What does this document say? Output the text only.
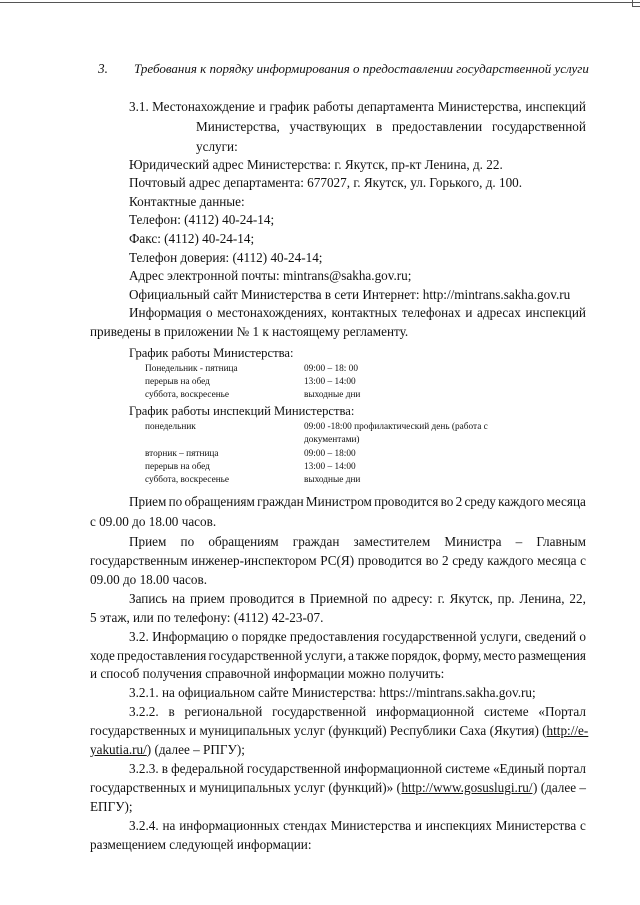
3. Требования к порядку информирования о предоставлении государственной услуги
3.1. Местонахождение и график работы департамента Министерства, инспекций
Министерства, участвующих в предоставлении государственной
услуги:
Юридический адрес Министерства: г. Якутск, пр-кт Ленина, д. 22.
Почтовый адрес департамента: 677027, г. Якутск, ул. Горького, д. 100.
Контактные данные:
Телефон: (4112) 40-24-14;
Факс: (4112) 40-24-14;
Телефон доверия: (4112) 40-24-14;
Адрес электронной почты: mintrans@sakha.gov.ru;
Официальный сайт Министерства в сети Интернет: http://mintrans.sakha.gov.ru
Информация о местонахождениях, контактных телефонах и адресах инспекций
приведены в приложении № 1 к настоящему регламенту.
График работы Министерства:
Понедельник - пятница	09:00 – 18: 00
перерыв на обед	13:00 – 14:00
суббота, воскресенье	выходные дни
График работы инспекций Министерства:
понедельник	09:00 -18:00 профилактический день (работа с
документами)
вторник – пятница	09:00 – 18:00
перерыв на обед	13:00 – 14:00
суббота, воскресенье	выходные дни
Прием по обращениям граждан Министром проводится во 2 среду каждого месяца
с 09.00 до 18.00 часов.
Прием по обращениям граждан заместителем Министра – Главным
государственным инженер-инспектором РС(Я) проводится во 2 среду каждого месяца с
09.00 до 18.00 часов.
Запись на прием проводится в Приемной по адресу: г. Якутск, пр. Ленина, 22,
5 этаж, или по телефону: (4112) 42-23-07.
3.2. Информацию о порядке предоставления государственной услуги, сведений о
ходе предоставления государственной услуги, а также порядок, форму, место размещения
и способ получения справочной информации можно получить:
3.2.1. на официальном сайте Министерства: https://mintrans.sakha.gov.ru;
3.2.2. в региональной государственной информационной системе «Портал
государственных и муниципальных услуг (функций) Республики Саха (Якутия) (http://e-
yakutia.ru/) (далее – РПГУ);
3.2.3. в федеральной государственной информационной системе «Единый портал
государственных и муниципальных услуг (функций)» ( http://www.gosuslugi.ru/ ) (далее –
ЕПГУ);
3.2.4. на информационных стендах Министерства и инспекциях Министерства с
размещением следующей информации:
